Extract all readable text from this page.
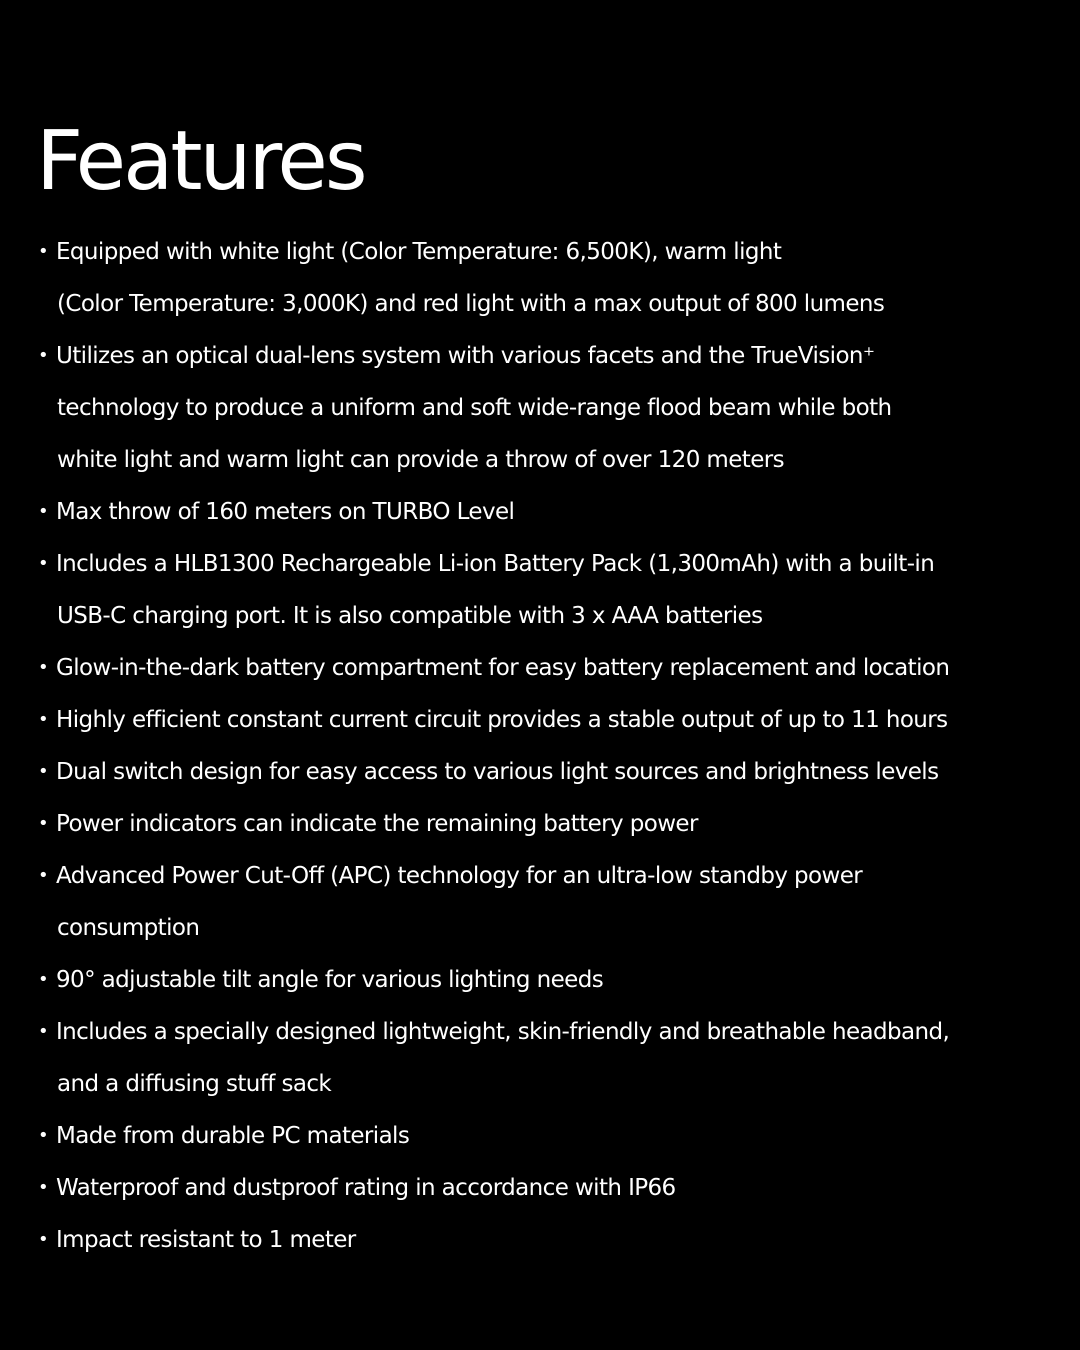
Features
• Equipped with white light (Color Temperature: 6,500K), warm light
(Color Temperature: 3,000K) and red light with a max output of 800 lumens
• Utilizes an optical dual-lens system with various facets and the TrueVision⁺
technology to produce a uniform and soft wide-range flood beam while both
white light and warm light can provide a throw of over 120 meters
• Max throw of 160 meters on TURBO Level
• Includes a HLB1300 Rechargeable Li-ion Battery Pack (1,300mAh) with a built-in
USB-C charging port. It is also compatible with 3 x AAA batteries
• Glow-in-the-dark battery compartment for easy battery replacement and location
• Highly efficient constant current circuit provides a stable output of up to 11 hours
• Dual switch design for easy access to various light sources and brightness levels
• Power indicators can indicate the remaining battery power
• Advanced Power Cut-Off (APC) technology for an ultra-low standby power
consumption
• 90° adjustable tilt angle for various lighting needs
• Includes a specially designed lightweight, skin-friendly and breathable headband,
and a diffusing stuff sack
• Made from durable PC materials
• Waterproof and dustproof rating in accordance with IP66
• Impact resistant to 1 meter
